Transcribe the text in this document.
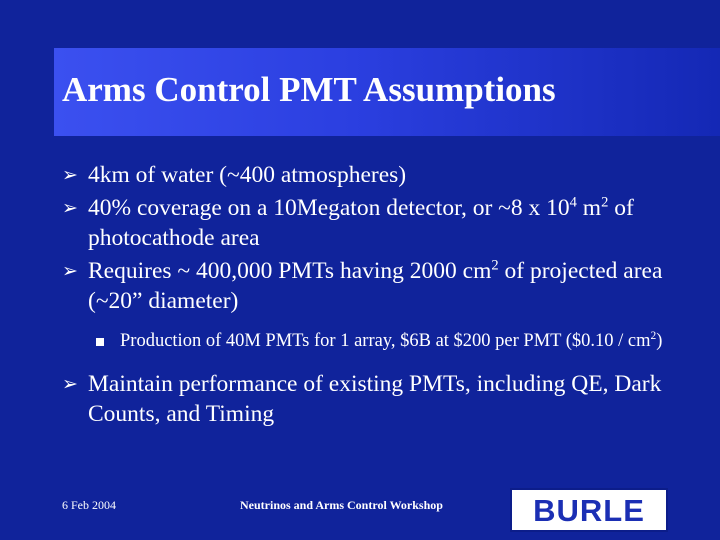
Arms Control PMT Assumptions
➢ 4km of water (~400 atmospheres)
➢ 40% coverage on a 10Megaton detector, or ~8 x $10^4$ $m^2$ of photocathode area
➢ Requires ~ 400,000 PMTs having 2000 $cm^2$ of projected area (~20” diameter)
Production of 40M PMTs for 1 array, $6B at $200 per PMT ($0.10 / $cm^2$)
➢ Maintain performance of existing PMTs, including QE, Dark Counts, and Timing
6 Feb 2004	Neutrinos and Arms Control Workshop	BURLE
